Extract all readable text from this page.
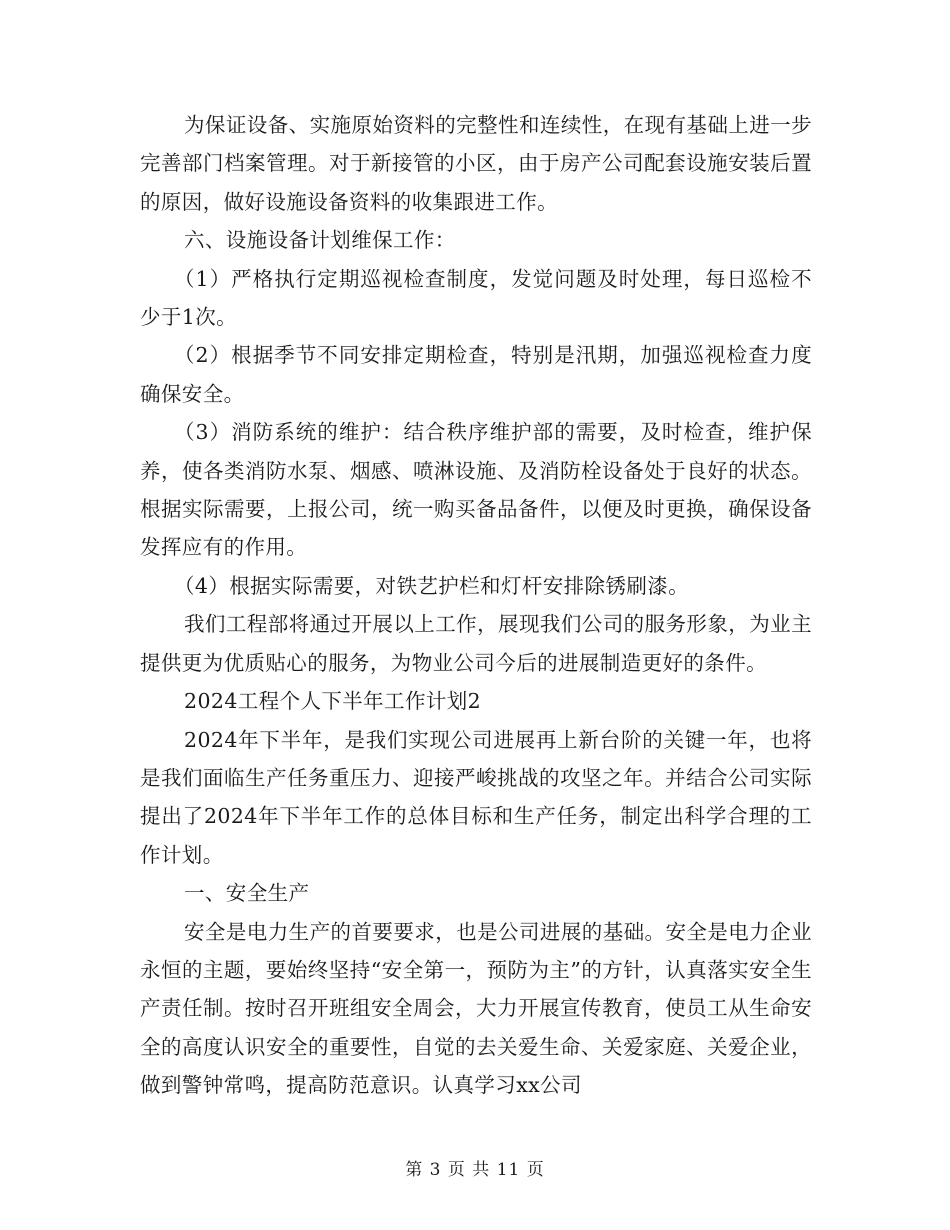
为保证设备、实施原始资料的完整性和连续性，在现有基础上进一步完善部门档案管理。对于新接管的小区，由于房产公司配套设施安装后置的原因，做好设施设备资料的收集跟进工作。

六、设施设备计划维保工作：

（1）严格执行定期巡视检查制度，发觉问题及时处理，每日巡检不少于1次。

（2）根据季节不同安排定期检查，特别是汛期，加强巡视检查力度确保安全。

（3）消防系统的维护：结合秩序维护部的需要，及时检查，维护保养，使各类消防水泵、烟感、喷淋设施、及消防栓设备处于良好的状态。根据实际需要，上报公司，统一购买备品备件，以便及时更换，确保设备发挥应有的作用。

（4）根据实际需要，对铁艺护栏和灯杆安排除锈刷漆。

我们工程部将通过开展以上工作，展现我们公司的服务形象，为业主提供更为优质贴心的服务，为物业公司今后的进展制造更好的条件。

2024工程个人下半年工作计划2

2024年下半年，是我们实现公司进展再上新台阶的关键一年，也将是我们面临生产任务重压力、迎接严峻挑战的攻坚之年。并结合公司实际提出了2024年下半年工作的总体目标和生产任务，制定出科学合理的工作计划。

一、安全生产

安全是电力生产的首要要求，也是公司进展的基础。安全是电力企业永恒的主题，要始终坚持“安全第一，预防为主”的方针，认真落实安全生产责任制。按时召开班组安全周会，大力开展宣传教育，使员工从生命安全的高度认识安全的重要性，自觉的去关爱生命、关爱家庭、关爱企业，做到警钟常鸣，提高防范意识。认真学习xx公司

第 3 页 共 11 页
